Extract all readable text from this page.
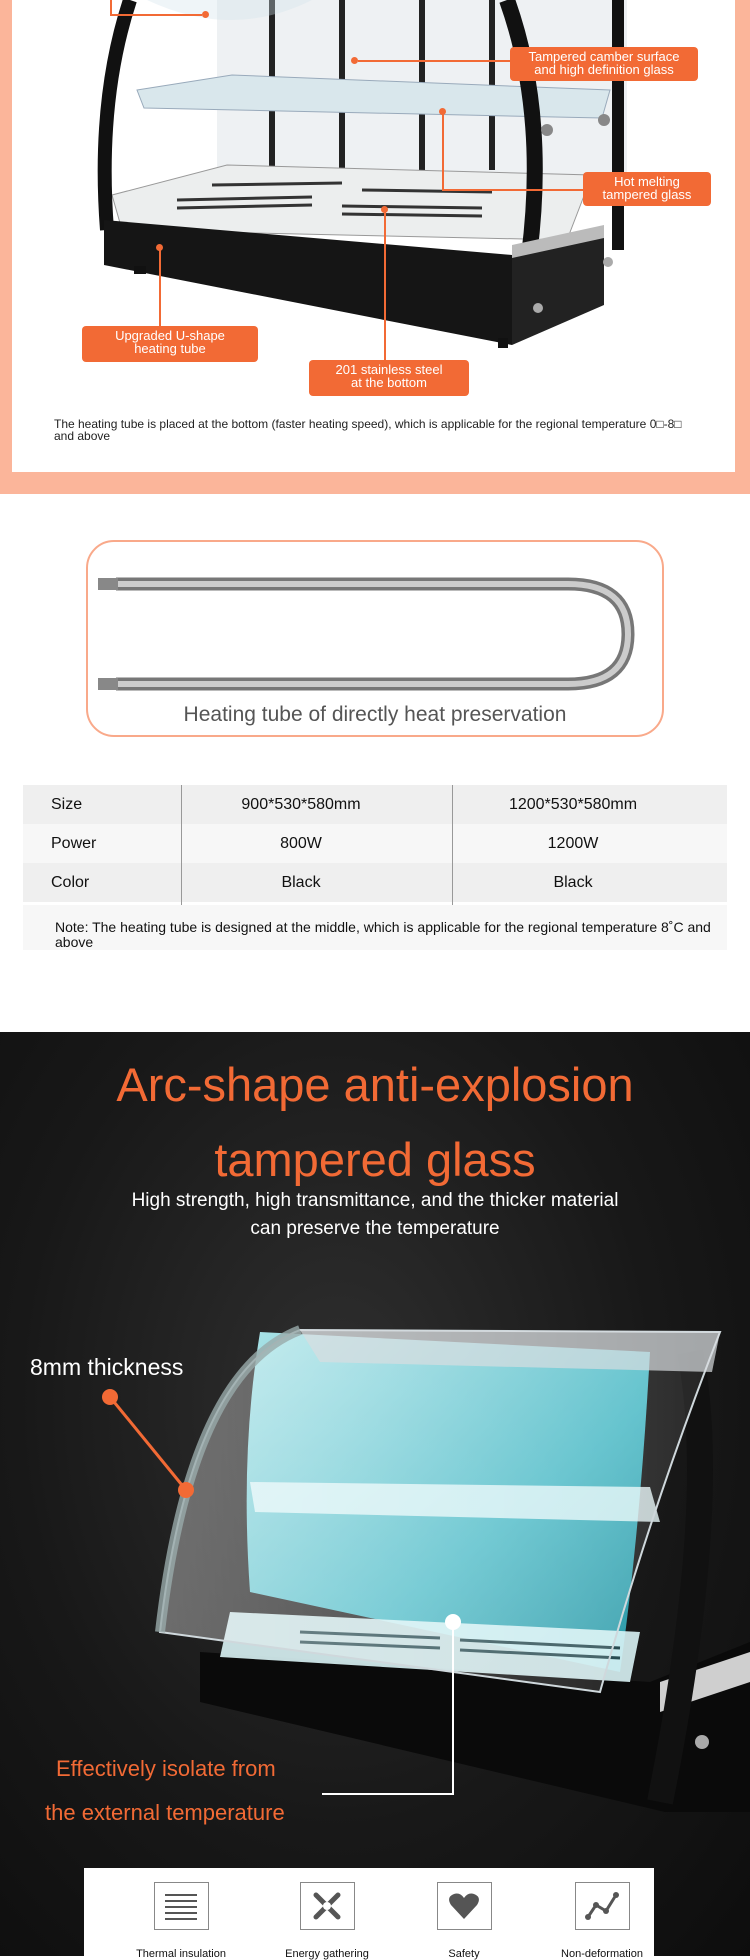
Tampered camber surface
and high definition glass
Hot melting
tampered glass
Upgraded U-shape
heating tube
201 stainless steel
at the bottom
The heating tube is placed at the bottom (faster heating speed), which is applicable for the regional temperature 0□-8□ and above
Heating tube of directly heat preservation
Size	900*530*580mm	1200*530*580mm
Power	800W	1200W
Color	Black	Black
Note: The heating tube is designed at the middle, which is applicable for the regional temperature 8˚C and above
Arc-shape anti-explosion
tampered glass
High strength, high transmittance, and the thicker material
can preserve the temperature
8mm thickness
Effectively isolate from
the external temperature
Thermal insulation	Energy gathering	Safety	Non-deformation
